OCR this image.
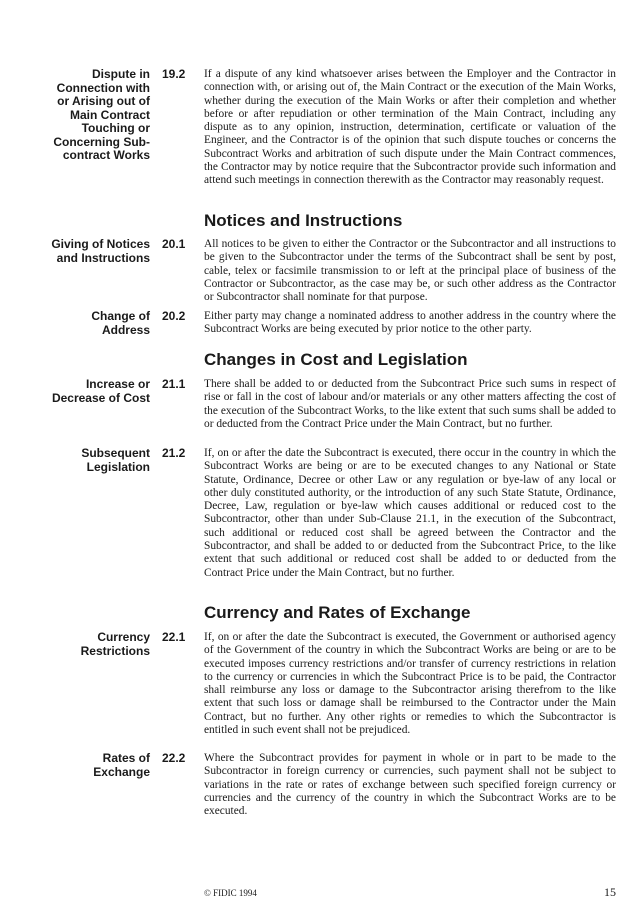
Dispute in
Connection with
or Arising out of
Main Contract
Touching or
Concerning Sub-
contract Works
19.2	If a dispute of any kind whatsoever arises between the Employer and the Contractor in connection with, or arising out of, the Main Contract or the execution of the Main Works, whether during the execution of the Main Works or after their completion and whether before or after repudiation or other termination of the Main Contract, including any dispute as to any opinion, instruction, determination, certificate or valuation of the Engineer, and the Contractor is of the opinion that such dispute touches or concerns the Subcontract Works and arbitration of such dispute under the Main Contract commences, the Contractor may by notice require that the Subcontractor provide such information and attend such meetings in connection therewith as the Contractor may reasonably request.

Notices and Instructions
Giving of Notices
and Instructions
20.1	All notices to be given to either the Contractor or the Subcontractor and all instructions to be given to the Subcontractor under the terms of the Subcontract shall be sent by post, cable, telex or facsimile transmission to or left at the principal place of business of the Contractor or Subcontractor, as the case may be, or such other address as the Contractor or Subcontractor shall nominate for that purpose.

Change of
Address
20.2	Either party may change a nominated address to another address in the country where the Subcontract Works are being executed by prior notice to the other party.

Changes in Cost and Legislation
Increase or
Decrease of Cost
21.1	There shall be added to or deducted from the Subcontract Price such sums in respect of rise or fall in the cost of labour and/or materials or any other matters affecting the cost of the execution of the Subcontract Works, to the like extent that such sums shall be added to or deducted from the Contract Price under the Main Contract, but no further.

Subsequent
Legislation
21.2	If, on or after the date the Subcontract is executed, there occur in the country in which the Subcontract Works are being or are to be executed changes to any National or State Statute, Ordinance, Decree or other Law or any regulation or bye-law of any local or other duly constituted authority, or the introduction of any such State Statute, Ordinance, Decree, Law, regulation or bye-law which causes additional or reduced cost to the Subcontractor, other than under Sub-Clause 21.1, in the execution of the Subcontract, such additional or reduced cost shall be agreed between the Contractor and the Subcontractor, and shall be added to or deducted from the Subcontract Price, to the like extent that such additional or reduced cost shall be added to or deducted from the Contract Price under the Main Contract, but no further.

Currency and Rates of Exchange
Currency
Restrictions
22.1	If, on or after the date the Subcontract is executed, the Government or authorised agency of the Government of the country in which the Subcontract Works are being or are to be executed imposes currency restrictions and/or transfer of currency restrictions in relation to the currency or currencies in which the Subcontract Price is to be paid, the Contractor shall reimburse any loss or damage to the Subcontractor arising therefrom to the like extent that such loss or damage shall be reimbursed to the Contractor under the Main Contract, but no further. Any other rights or remedies to which the Subcontractor is entitled in such event shall not be prejudiced.

Rates of
Exchange
22.2	Where the Subcontract provides for payment in whole or in part to be made to the Subcontractor in foreign currency or currencies, such payment shall not be subject to variations in the rate or rates of exchange between such specified foreign currency or currencies and the currency of the country in which the Subcontract Works are to be executed.

© FIDIC 1994	15
